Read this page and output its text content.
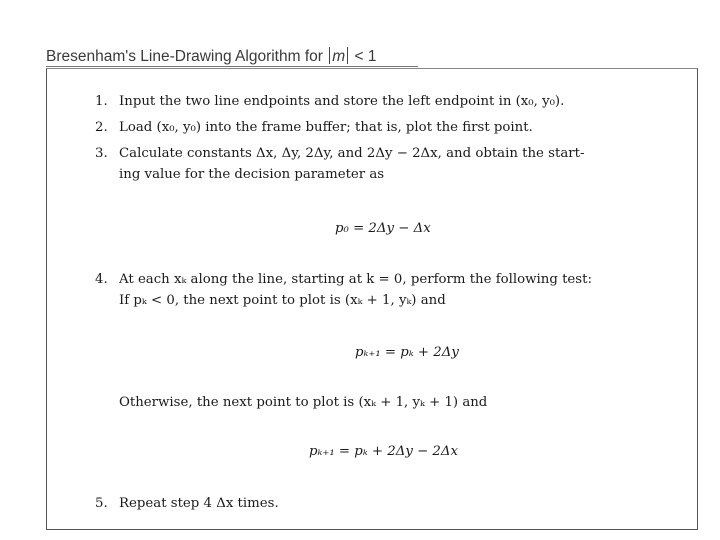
Bresenham's Line-Drawing Algorithm for m < 1
1. Input the two line endpoints and store the left endpoint in (x₀, y₀).
2. Load (x₀, y₀) into the frame buffer; that is, plot the first point.
3. Calculate constants Δx, Δy, 2Δy, and 2Δy − 2Δx, and obtain the start-
ing value for the decision parameter as
p₀ = 2Δy − Δx
4. At each xₖ along the line, starting at k = 0, perform the following test:
If pₖ < 0, the next point to plot is (xₖ + 1, yₖ) and
pₖ₊₁ = pₖ + 2Δy
Otherwise, the next point to plot is (xₖ + 1, yₖ + 1) and
pₖ₊₁ = pₖ + 2Δy − 2Δx
5. Repeat step 4 Δx times.
